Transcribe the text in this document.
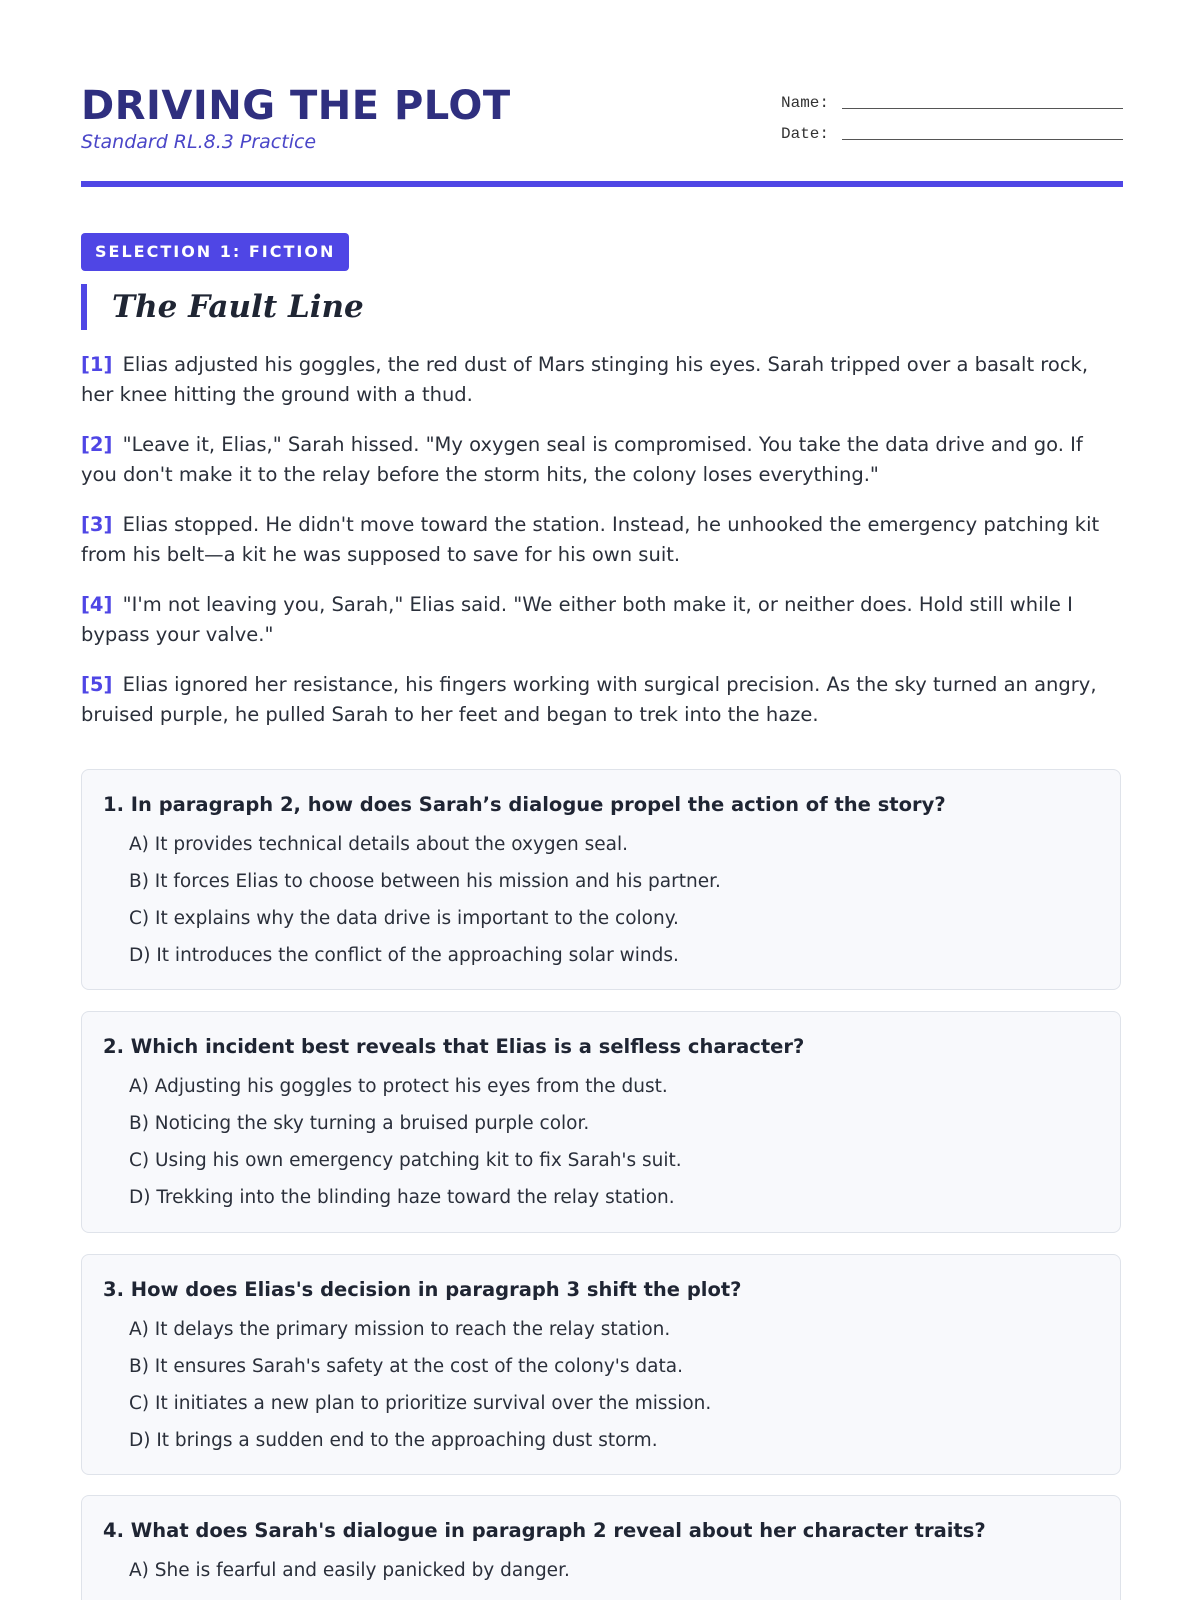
DRIVING THE PLOT
Standard RL.8.3 Practice
Name:
Date:
SELECTION 1: FICTION
The Fault Line

[1] Elias adjusted his goggles, the red dust of Mars stinging his eyes. Sarah tripped over a basalt rock, her knee hitting the ground with a thud.

[2] "Leave it, Elias," Sarah hissed. "My oxygen seal is compromised. You take the data drive and go. If you don't make it to the relay before the storm hits, the colony loses everything."

[3] Elias stopped. He didn't move toward the station. Instead, he unhooked the emergency patching kit from his belt—a kit he was supposed to save for his own suit.

[4] "I'm not leaving you, Sarah," Elias said. "We either both make it, or neither does. Hold still while I bypass your valve."

[5] Elias ignored her resistance, his fingers working with surgical precision. As the sky turned an angry, bruised purple, he pulled Sarah to her feet and began to trek into the haze.

1. In paragraph 2, how does Sarah’s dialogue propel the action of the story?
A) It provides technical details about the oxygen seal.
B) It forces Elias to choose between his mission and his partner.
C) It explains why the data drive is important to the colony.
D) It introduces the conflict of the approaching solar winds.
2. Which incident best reveals that Elias is a selfless character?
A) Adjusting his goggles to protect his eyes from the dust.
B) Noticing the sky turning a bruised purple color.
C) Using his own emergency patching kit to fix Sarah's suit.
D) Trekking into the blinding haze toward the relay station.
3. How does Elias's decision in paragraph 3 shift the plot?
A) It delays the primary mission to reach the relay station.
B) It ensures Sarah's safety at the cost of the colony's data.
C) It initiates a new plan to prioritize survival over the mission.
D) It brings a sudden end to the approaching dust storm.
4. What does Sarah's dialogue in paragraph 2 reveal about her character traits?
A) She is fearful and easily panicked by danger.
